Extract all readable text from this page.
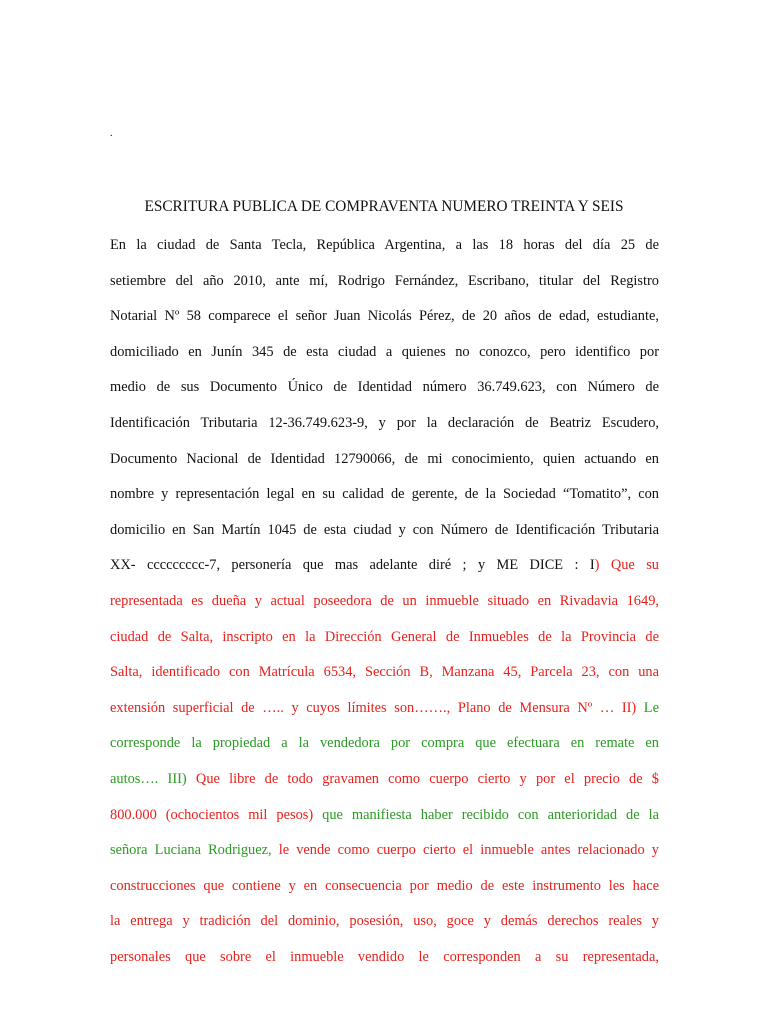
.
ESCRITURA PUBLICA DE COMPRAVENTA NUMERO TREINTA Y SEIS
En la ciudad de Santa Tecla, República Argentina, a las 18 horas del día 25 de
setiembre del año 2010, ante mí, Rodrigo Fernández, Escribano, titular del Registro
Notarial Nº 58 comparece el señor Juan Nicolás Pérez, de 20 años de edad, estudiante,
domiciliado en Junín 345 de esta ciudad a quienes no conozco, pero identifico por
medio de sus Documento Único de Identidad número 36.749.623, con Número de
Identificación Tributaria 12-36.749.623-9, y por la declaración de Beatriz Escudero,
Documento Nacional de Identidad 12790066, de mi conocimiento, quien actuando en
nombre y representación legal en su calidad de gerente, de la Sociedad “Tomatito”, con
domicilio en San Martín 1045 de esta ciudad y con Número de Identificación Tributaria
XX- ccccccccc-7, personería que mas adelante diré ; y ME DICE : I) Que su
representada es dueña y actual poseedora de un inmueble situado en Rivadavia 1649,
ciudad de Salta, inscripto en la Dirección General de Inmuebles de la Provincia de
Salta, identificado con Matrícula 6534, Sección B, Manzana 45, Parcela 23, con una
extensión superficial de ….. y cuyos límites son……., Plano de Mensura Nº … II) Le
corresponde la propiedad a la vendedora por compra que efectuara en remate en
autos…. III) Que libre de todo gravamen como cuerpo cierto y por el precio de $
800.000 (ochocientos mil pesos) que manifiesta haber recibido con anterioridad de la
señora Luciana Rodriguez, le vende como cuerpo cierto el inmueble antes relacionado y
construcciones que contiene y en consecuencia por medio de este instrumento les hace
la entrega y tradición del dominio, posesión, uso, goce y demás derechos reales y
personales que sobre el inmueble vendido le corresponden a su representada,
